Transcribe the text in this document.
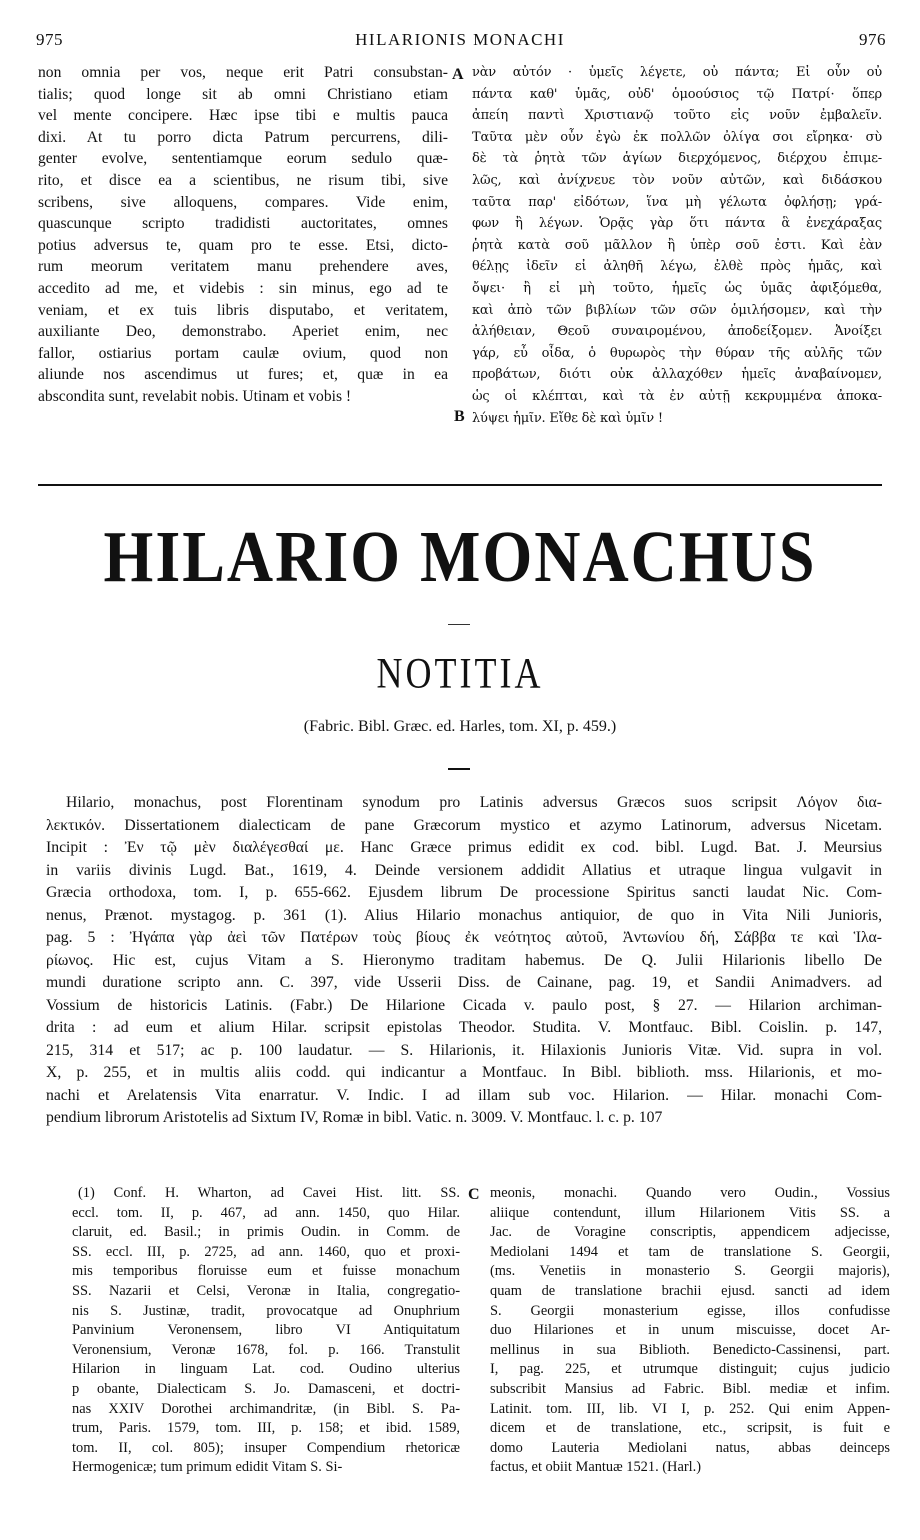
975	HILARIONIS MONACHI	976
non omnia per vos, neque erit Patri consubstan-
tialis; quod longe sit ab omni Christiano etiam
vel mente concipere. Hæc ipse tibi e multis pauca
dixi. At tu porro dicta Patrum percurrens, dili-
genter evolve, sententiamque eorum sedulo quæ-
rito, et disce ea a scientibus, ne risum tibi, sive
scribens, sive alloquens, compares. Vide enim,
quascunque scripto tradidisti auctoritates, omnes
potius adversus te, quam pro te esse. Etsi, dicto-
rum meorum veritatem manu prehendere aves,
accedito ad me, et videbis : sin minus, ego ad te
veniam, et ex tuis libris disputabo, et veritatem,
auxiliante Deo, demonstrabo. Aperiet enim, nec
fallor, ostiarius portam caulæ ovium, quod non
aliunde nos ascendimus ut fures; et, quæ in ea
abscondita sunt, revelabit nobis. Utinam et vobis !
νὰν αὐτόν · ὑμεῖς λέγετε, οὐ πάντα; Εἰ οὖν οὐ
πάντα καθ' ὑμᾶς, οὐδ' ὁμοούσιος τῷ Πατρί· ὅπερ
ἀπείη παντὶ Χριστιανῷ τοῦτο εἰς νοῦν ἐμβαλεῖν.
Ταῦτα μὲν οὖν ἐγὼ ἐκ πολλῶν ὀλίγα σοι εἴρηκα· σὺ
δὲ τὰ ῥητὰ τῶν ἁγίων διερχόμενος, διέρχου ἐπιμε-
λῶς, καὶ ἀνίχνευε τὸν νοῦν αὐτῶν, καὶ διδάσκου
ταῦτα παρ' εἰδότων, ἵνα μὴ γέλωτα ὀφλήσῃ; γρά-
φων ἢ λέγων. Ὁρᾷς γὰρ ὅτι πάντα ἃ ἐνεχάραξας
ῥητὰ κατὰ σοῦ μᾶλλον ἢ ὑπὲρ σοῦ ἐστι. Καὶ ἐὰν
θέλῃς ἰδεῖν εἰ ἀληθῆ λέγω, ἐλθὲ πρὸς ἡμᾶς, καὶ
ὄψει· ἢ εἰ μὴ τοῦτο, ἡμεῖς ὡς ὑμᾶς ἀφιξόμεθα,
καὶ ἀπὸ τῶν βιβλίων τῶν σῶν ὁμιλήσομεν, καὶ τὴν
ἀλήθειαν, Θεοῦ συναιρομένου, ἀποδείξομεν. Ἀνοίξει
γάρ, εὖ οἶδα, ὁ θυρωρὸς τὴν θύραν τῆς αὐλῆς τῶν
προβάτων, διότι οὐκ ἀλλαχόθεν ἡμεῖς ἀναβαίνομεν,
ὡς οἱ κλέπται, καὶ τὰ ἐν αὐτῇ κεκρυμμένα ἀποκα-
λύψει ἡμῖν. Εἴθε δὲ καὶ ὑμῖν !
A
B
C
HILARIO MONACHUS
NOTITIA
(Fabric. Bibl. Græc. ed. Harles, tom. XI, p. 459.)
Hilario, monachus, post Florentinam synodum pro Latinis adversus Græcos suos scripsit Λόγον δια-
λεκτικόν. Dissertationem dialecticam de pane Græcorum mystico et azymo Latinorum, adversus Nicetam.
Incipit : Ἐν τῷ μὲν διαλέγεσθαί με. Hanc Græce primus edidit ex cod. bibl. Lugd. Bat. J. Meursius
in variis divinis Lugd. Bat., 1619, 4. Deinde versionem addidit Allatius et utraque lingua vulgavit in
Græcia orthodoxa, tom. I, p. 655-662. Ejusdem librum De processione Spiritus sancti laudat Nic. Com-
nenus, Prænot. mystagog. p. 361 (1). Alius Hilario monachus antiquior, de quo in Vita Nili Junioris,
pag. 5 : Ἠγάπα γὰρ ἀεὶ τῶν Πατέρων τοὺς βίους ἐκ νεότητος αὐτοῦ, Ἀντωνίου δή, Σάββα τε καὶ Ἱλα-
ρίωνος. Hic est, cujus Vitam a S. Hieronymo traditam habemus. De Q. Julii Hilarionis libello De
mundi duratione scripto ann. C. 397, vide Usserii Diss. de Cainane, pag. 19, et Sandii Animadvers. ad
Vossium de historicis Latinis. (Fabr.) De Hilarione Cicada v. paulo post, § 27. — Hilarion archiman-
drita : ad eum et alium Hilar. scripsit epistolas Theodor. Studita. V. Montfauc. Bibl. Coislin. p. 147,
215, 314 et 517; ac p. 100 laudatur. — S. Hilarionis, it. Hilaxionis Junioris Vitæ. Vid. supra in vol.
X, p. 255, et in multis aliis codd. qui indicantur a Montfauc. In Bibl. biblioth. mss. Hilarionis, et mo-
nachi et Arelatensis Vita enarratur. V. Indic. I ad illam sub voc. Hilarion. — Hilar. monachi Com-
pendium librorum Aristotelis ad Sixtum IV, Romæ in bibl. Vatic. n. 3009. V. Montfauc. l. c. p. 107
(1) Conf. H. Wharton, ad Cavei Hist. litt. SS.
eccl. tom. II, p. 467, ad ann. 1450, quo Hilar.
claruit, ed. Basil.; in primis Oudin. in Comm. de
SS. eccl. III, p. 2725, ad ann. 1460, quo et proxi-
mis temporibus floruisse eum et fuisse monachum
SS. Nazarii et Celsi, Veronæ in Italia, congregatio-
nis S. Justinæ, tradit, provocatque ad Onuphrium
Panvinium Veronensem, libro VI Antiquitatum
Veronensium, Veronæ 1678, fol. p. 166. Transtulit
Hilarion in linguam Lat. cod. Oudino ulterius
p obante, Dialecticam S. Jo. Damasceni, et doctri-
nas XXIV Dorothei archimandritæ, (in Bibl. S. Pa-
trum, Paris. 1579, tom. III, p. 158; et ibid. 1589,
tom. II, col. 805); insuper Compendium rhetoricæ
Hermogenicæ; tum primum edidit Vitam S. Si-
meonis, monachi. Quando vero Oudin., Vossius
aliique contendunt, illum Hilarionem Vitis SS. a
Jac. de Voragine conscriptis, appendicem adjecisse,
Mediolani 1494 et tam de translatione S. Georgii,
(ms. Venetiis in monasterio S. Georgii majoris),
quam de translatione brachii ejusd. sancti ad idem
S. Georgii monasterium egisse, illos confudisse
duo Hilariones et in unum miscuisse, docet Ar-
mellinus in sua Biblioth. Benedicto-Cassinensi, part.
I, pag. 225, et utrumque distinguit; cujus judicio
subscribit Mansius ad Fabric. Bibl. mediæ et infim.
Latinit. tom. III, lib. VI I, p. 252. Qui enim Appen-
dicem et de translatione, etc., scripsit, is fuit e
domo Lauteria Mediolani natus, abbas deinceps
factus, et obiit Mantuæ 1521. (Harl.)
